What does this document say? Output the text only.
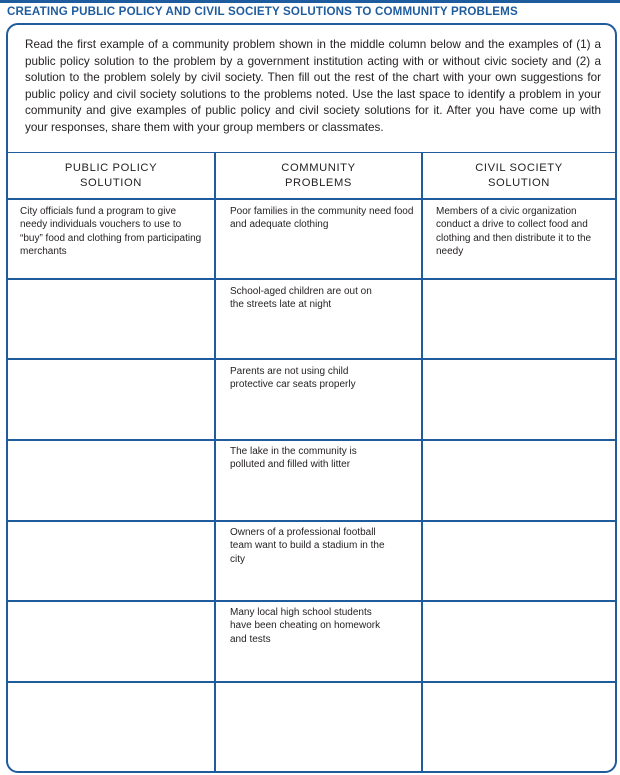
CREATING PUBLIC POLICY AND CIVIL SOCIETY SOLUTIONS TO COMMUNITY PROBLEMS

Read the first example of a community problem shown in the middle column below and the examples of (1) a public policy solution to the problem by a government institution acting with or without civic society and (2) a solution to the problem solely by civil society. Then fill out the rest of the chart with your own suggestions for public policy and civil society solutions to the problems noted. Use the last space to identify a problem in your community and give examples of public policy and civil society solutions for it. After you have come up with your responses, share them with your group members or classmates.

PUBLIC POLICY
SOLUTION
COMMUNITY
PROBLEMS
CIVIL SOCIETY
SOLUTION
City officials fund a program to give needy individuals vouchers to use to “buy” food and clothing from participating merchants
Poor families in the community need food and adequate clothing
Members of a civic organization conduct a drive to collect food and clothing and then distribute it to the needy
School-aged children are out on the streets late at night
Parents are not using child protective car seats properly
The lake in the community is polluted and filled with litter
Owners of a professional football team want to build a stadium in the city
Many local high school students have been cheating on homework and tests
